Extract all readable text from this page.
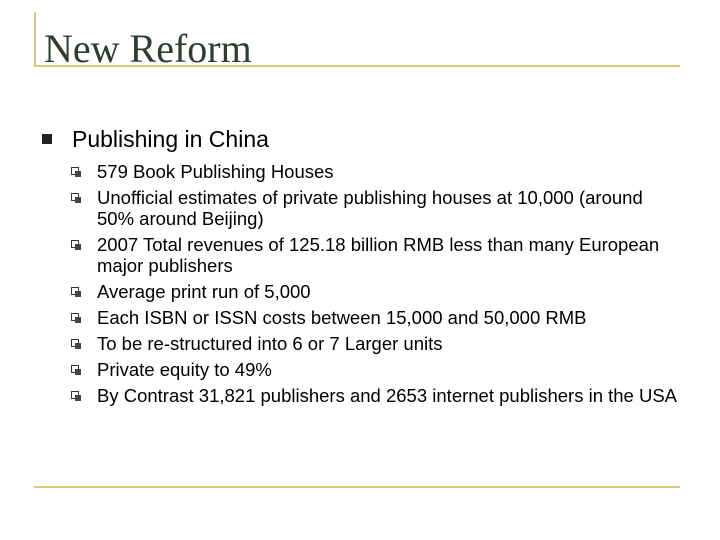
New Reform
Publishing in China
579 Book Publishing Houses
Unofficial estimates of private publishing houses at 10,000 (around 50% around Beijing)
2007 Total revenues of 125.18 billion RMB less than many European major publishers
Average print run of 5,000
Each ISBN or ISSN costs between 15,000 and 50,000 RMB
To be re-structured into 6 or 7 Larger units
Private equity to 49%
By Contrast 31,821 publishers and 2653 internet publishers in the USA
